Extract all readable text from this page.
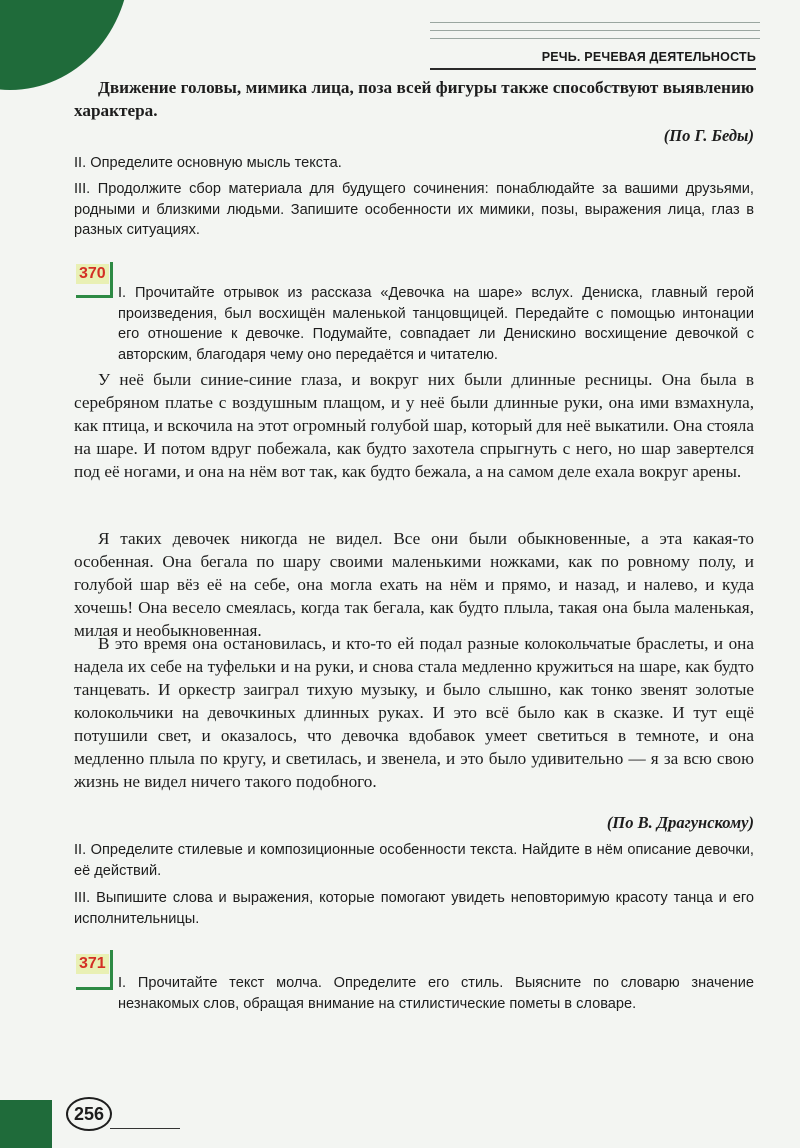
РЕЧЬ. РЕЧЕВАЯ ДЕЯТЕЛЬНОСТЬ
Движение головы, мимика лица, поза всей фигуры также способствуют выявлению характера.
(По Г. Беды)
II. Определите основную мысль текста.
III. Продолжите сбор материала для будущего сочинения: понаблюдайте за вашими друзьями, родными и близкими людьми. Запишите особенности их мимики, позы, выражения лица, глаз в разных ситуациях.
370
I. Прочитайте отрывок из рассказа «Девочка на шаре» вслух. Дениска, главный герой произведения, был восхищён маленькой танцовщицей. Передайте с помощью интонации его отношение к девочке. Подумайте, совпадает ли Денискино восхищение девочкой с авторским, благодаря чему оно передаётся и читателю.
У неё были синие-синие глаза, и вокруг них были длинные ресницы. Она была в серебряном платье с воздушным плащом, и у неё были длинные руки, она ими взмахнула, как птица, и вскочила на этот огромный голубой шар, который для неё выкатили. Она стояла на шаре. И потом вдруг побежала, как будто захотела спрыгнуть с него, но шар завертелся под её ногами, и она на нём вот так, как будто бежала, а на самом деле ехала вокруг арены.
Я таких девочек никогда не видел. Все они были обыкновенные, а эта какая-то особенная. Она бегала по шару своими маленькими ножками, как по ровному полу, и голубой шар вёз её на себе, она могла ехать на нём и прямо, и назад, и налево, и куда хочешь! Она весело смеялась, когда так бегала, как будто плыла, такая она была маленькая, милая и необыкновенная.
В это время она остановилась, и кто-то ей подал разные колокольчатые браслеты, и она надела их себе на туфельки и на руки, и снова стала медленно кружиться на шаре, как будто танцевать. И оркестр заиграл тихую музыку, и было слышно, как тонко звенят золотые колокольчики на девочкиных длинных руках. И это всё было как в сказке. И тут ещё потушили свет, и оказалось, что девочка вдобавок умеет светиться в темноте, и она медленно плыла по кругу, и светилась, и звенела, и это было удивительно — я за всю свою жизнь не видел ничего такого подобного.
(По В. Драгунскому)
II. Определите стилевые и композиционные особенности текста. Найдите в нём описание девочки, её действий.
III. Выпишите слова и выражения, которые помогают увидеть неповторимую красоту танца и его исполнительницы.
371
I. Прочитайте текст молча. Определите его стиль. Выясните по словарю значение незнакомых слов, обращая внимание на стилистические пометы в словаре.
256
